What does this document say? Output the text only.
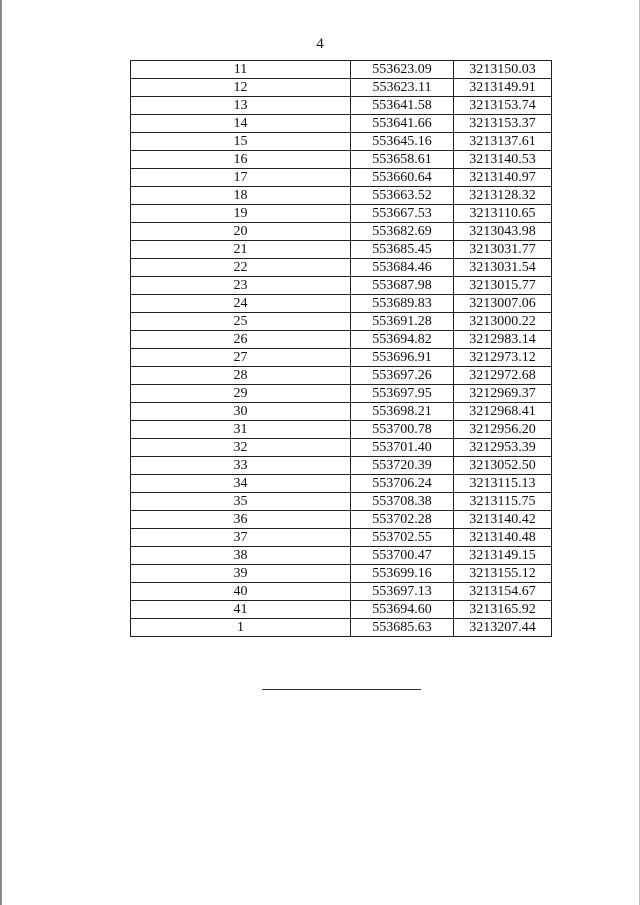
4
11	553623.09	3213150.03
12	553623.11	3213149.91
13	553641.58	3213153.74
14	553641.66	3213153.37
15	553645.16	3213137.61
16	553658.61	3213140.53
17	553660.64	3213140.97
18	553663.52	3213128.32
19	553667.53	3213110.65
20	553682.69	3213043.98
21	553685.45	3213031.77
22	553684.46	3213031.54
23	553687.98	3213015.77
24	553689.83	3213007.06
25	553691.28	3213000.22
26	553694.82	3212983.14
27	553696.91	3212973.12
28	553697.26	3212972.68
29	553697.95	3212969.37
30	553698.21	3212968.41
31	553700.78	3212956.20
32	553701.40	3212953.39
33	553720.39	3213052.50
34	553706.24	3213115.13
35	553708.38	3213115.75
36	553702.28	3213140.42
37	553702.55	3213140.48
38	553700.47	3213149.15
39	553699.16	3213155.12
40	553697.13	3213154.67
41	553694.60	3213165.92
1	553685.63	3213207.44
